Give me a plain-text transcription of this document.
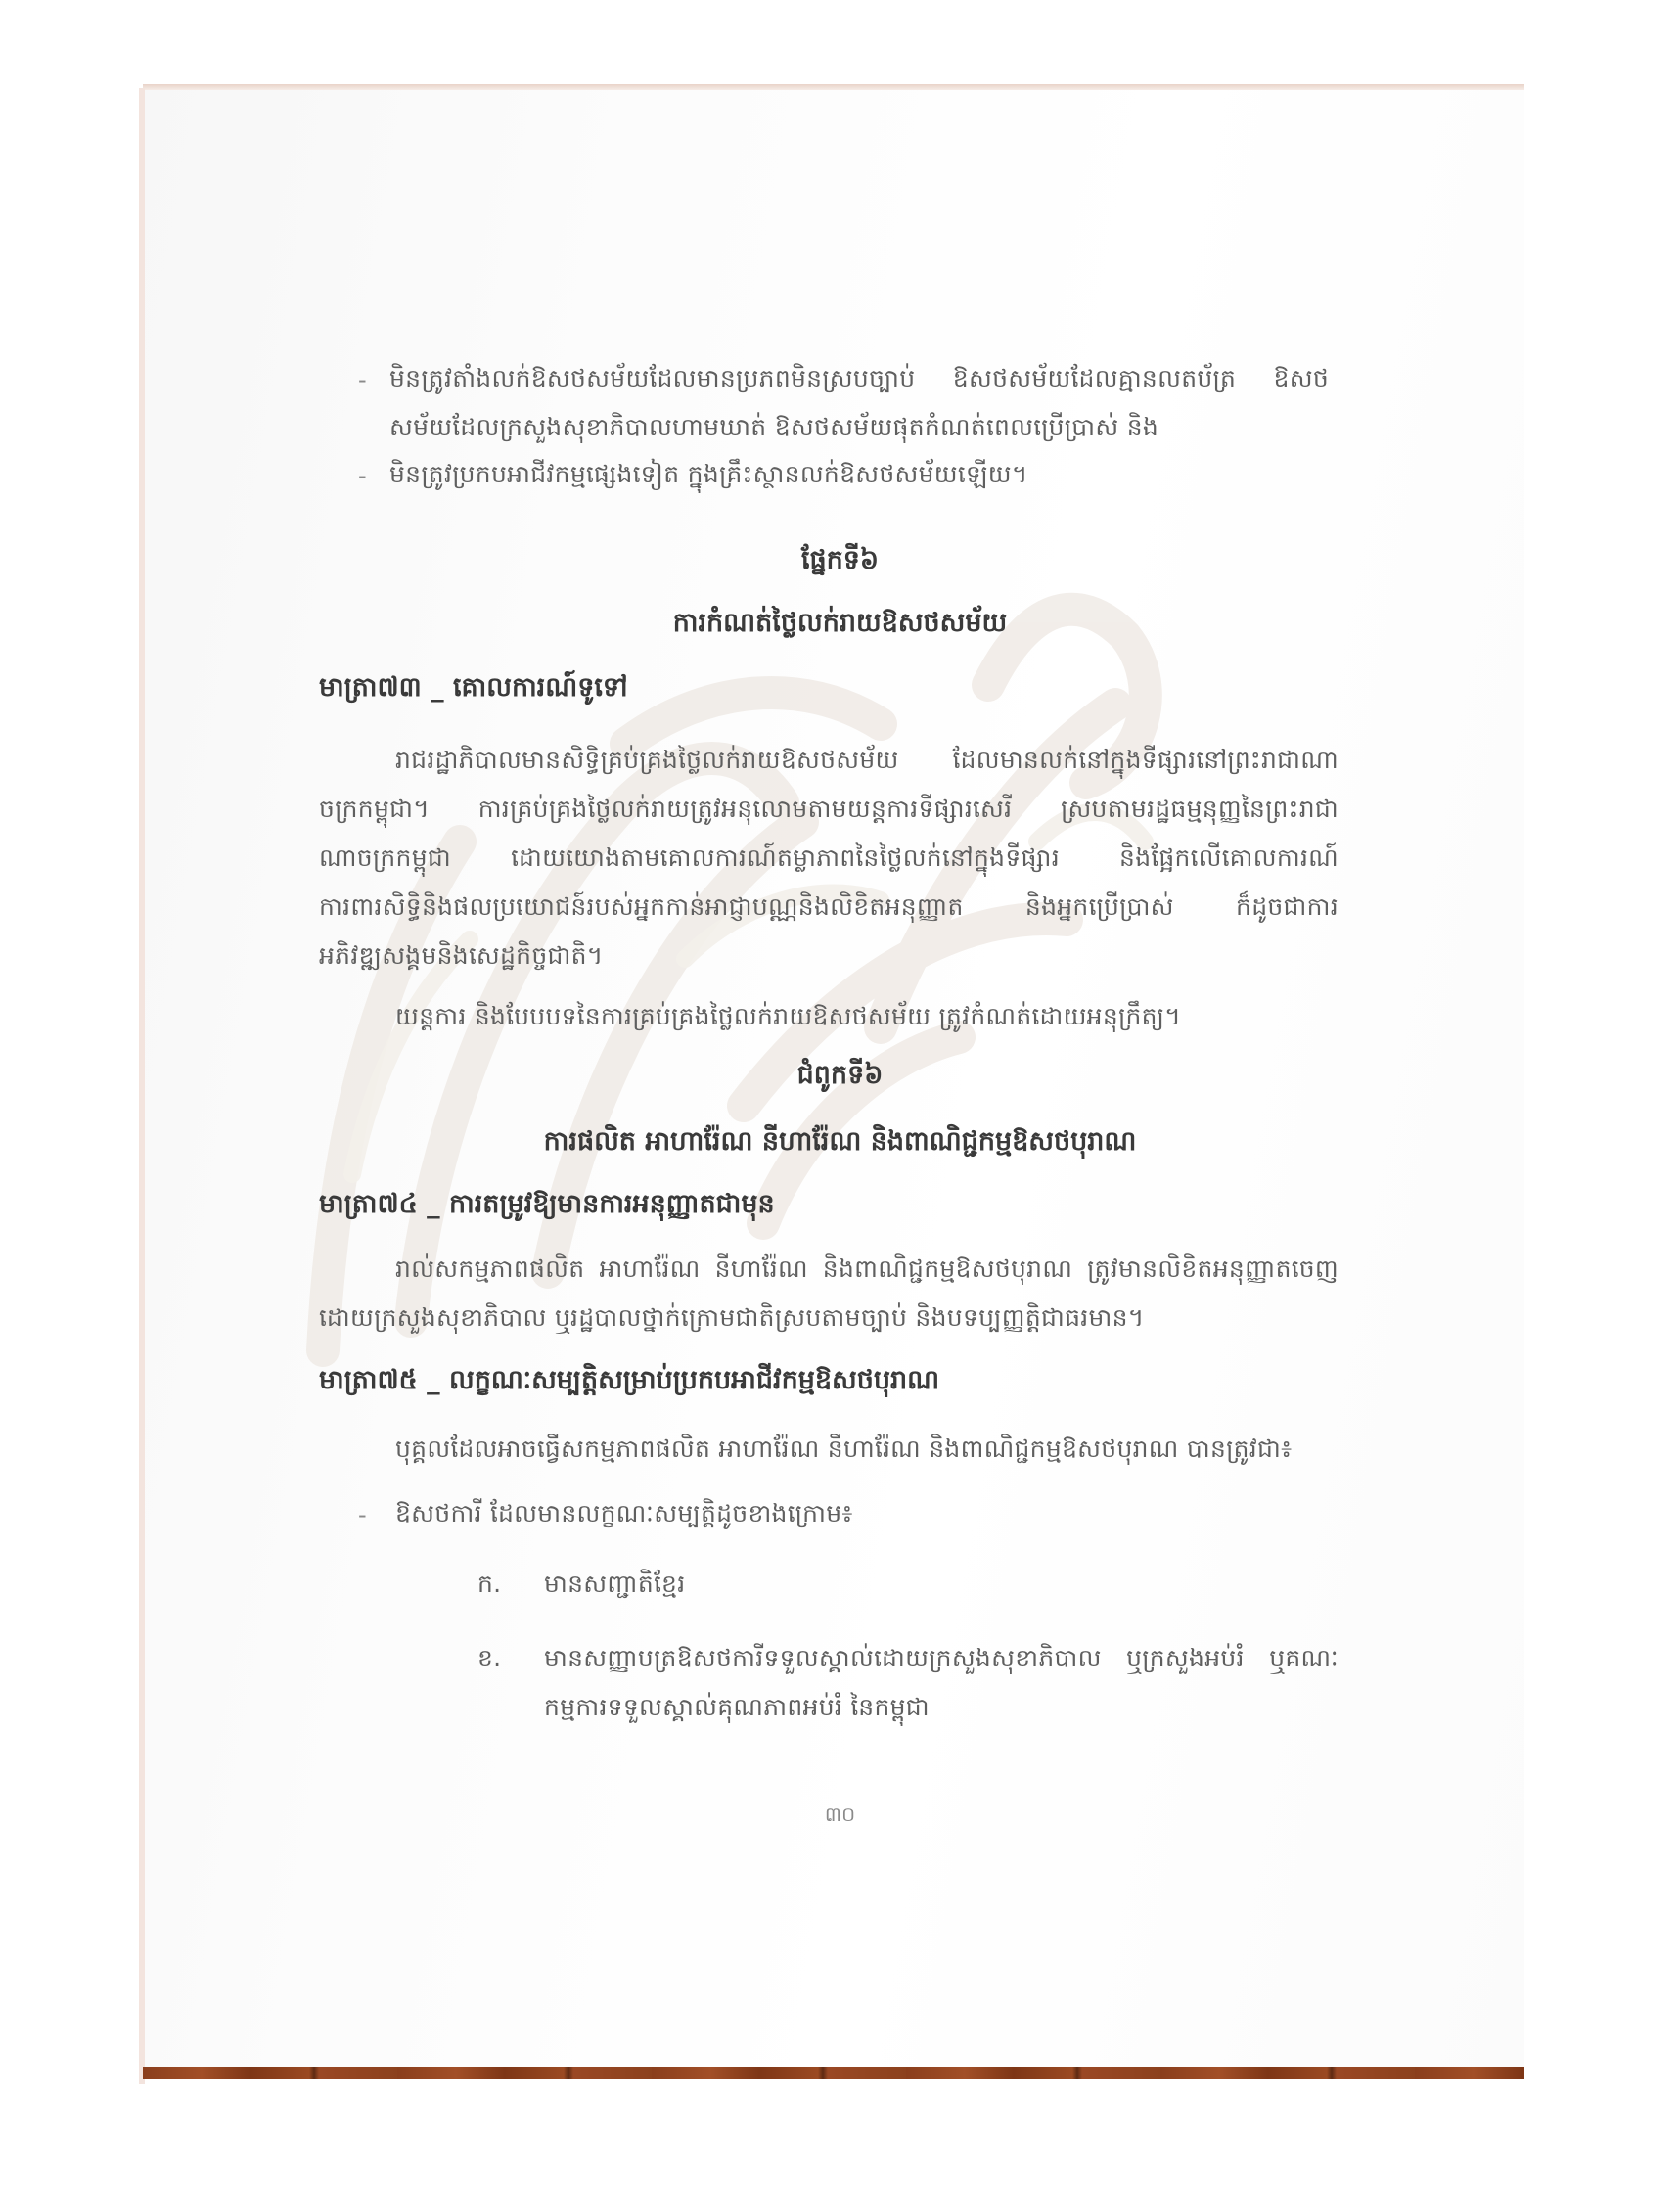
- មិនត្រូវតាំងលក់ឱសថសម័យដែលមានប្រភពមិនស្របច្បាប់ ឱសថសម័យដែលគ្មានលតប័ត្រ ឱសថ
សម័យដែលក្រសួងសុខាភិបាលហាមឃាត់ ឱសថសម័យផុតកំណត់ពេលប្រើប្រាស់ និង
- មិនត្រូវប្រកបអាជីវកម្មផ្សេងទៀត ក្នុងគ្រឹះស្ថានលក់ឱសថសម័យឡើយ។
ផ្នែកទី៦
ការកំណត់ថ្លៃលក់រាយឱសថសម័យ
មាត្រា៧៣ _ គោលការណ៍ទូទៅ
រាជរដ្ឋាភិបាលមានសិទ្ធិគ្រប់គ្រងថ្លៃលក់រាយឱសថសម័យ ដែលមានលក់នៅក្នុងទីផ្សារនៅព្រះរាជាណា
ចក្រកម្ពុជា។ ការគ្រប់គ្រងថ្លៃលក់រាយត្រូវអនុលោមតាមយន្តការទីផ្សារសេរី ស្របតាមរដ្ឋធម្មនុញ្ញនៃព្រះរាជា
ណាចក្រកម្ពុជា ដោយយោងតាមគោលការណ៍តម្លាភាពនៃថ្លៃលក់នៅក្នុងទីផ្សារ និងផ្អែកលើគោលការណ៍
ការពារសិទ្ធិនិងផលប្រយោជន៍របស់អ្នកកាន់អាជ្ញាបណ្ណនិងលិខិតអនុញ្ញាត និងអ្នកប្រើប្រាស់ ក៏ដូចជាការ
អភិវឌ្ឍសង្គមនិងសេដ្ឋកិច្ចជាតិ។
យន្តការ និងបែបបទនៃការគ្រប់គ្រងថ្លៃលក់រាយឱសថសម័យ ត្រូវកំណត់ដោយអនុក្រឹត្យ។
ជំពូកទី៦
ការផលិត អាហារ៉ែណ នីហារ៉ែណ និងពាណិជ្ជកម្មឱសថបុរាណ
មាត្រា៧៤ _ ការតម្រូវឱ្យមានការអនុញ្ញាតជាមុន
រាល់សកម្មភាពផលិត អាហារ៉ែណ នីហារ៉ែណ និងពាណិជ្ជកម្មឱសថបុរាណ ត្រូវមានលិខិតអនុញ្ញាតចេញ
ដោយក្រសួងសុខាភិបាល ឬរដ្ឋបាលថ្នាក់ក្រោមជាតិស្របតាមច្បាប់ និងបទប្បញ្ញត្តិជាធរមាន។
មាត្រា៧៥ _ លក្ខណៈសម្បត្តិសម្រាប់ប្រកបអាជីវកម្មឱសថបុរាណ
បុគ្គលដែលអាចធ្វើសកម្មភាពផលិត អាហារ៉ែណ នីហារ៉ែណ និងពាណិជ្ជកម្មឱសថបុរាណ បានត្រូវជា៖
- ឱសថការី ដែលមានលក្ខណៈសម្បត្តិដូចខាងក្រោម៖
ក. មានសញ្ជាតិខ្មែរ
ខ. មានសញ្ញាបត្រឱសថការីទទួលស្គាល់ដោយក្រសួងសុខាភិបាល ឬក្រសួងអប់រំ ឬគណៈ
កម្មការទទួលស្គាល់គុណភាពអប់រំ នៃកម្ពុជា
៣០
